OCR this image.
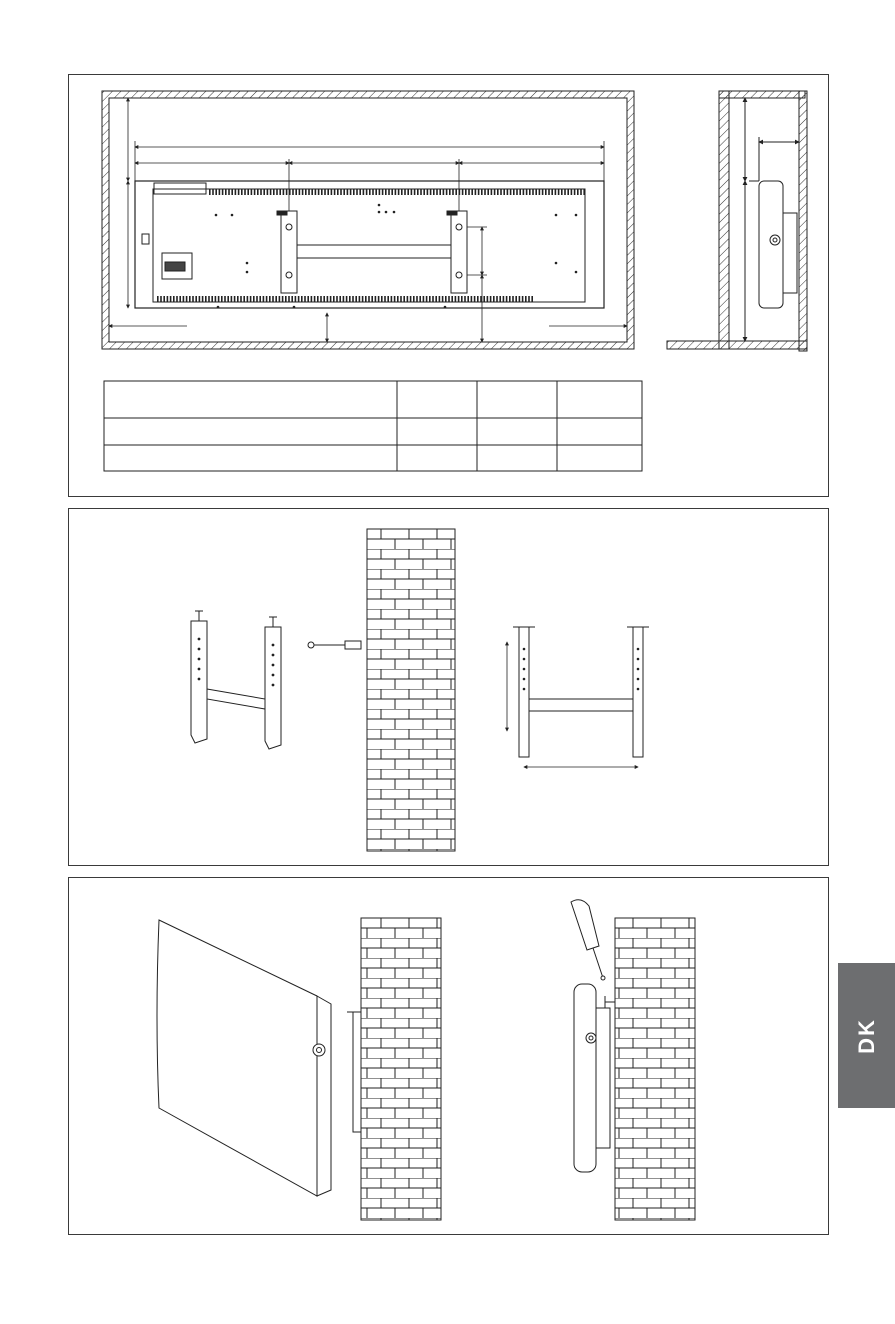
DK
